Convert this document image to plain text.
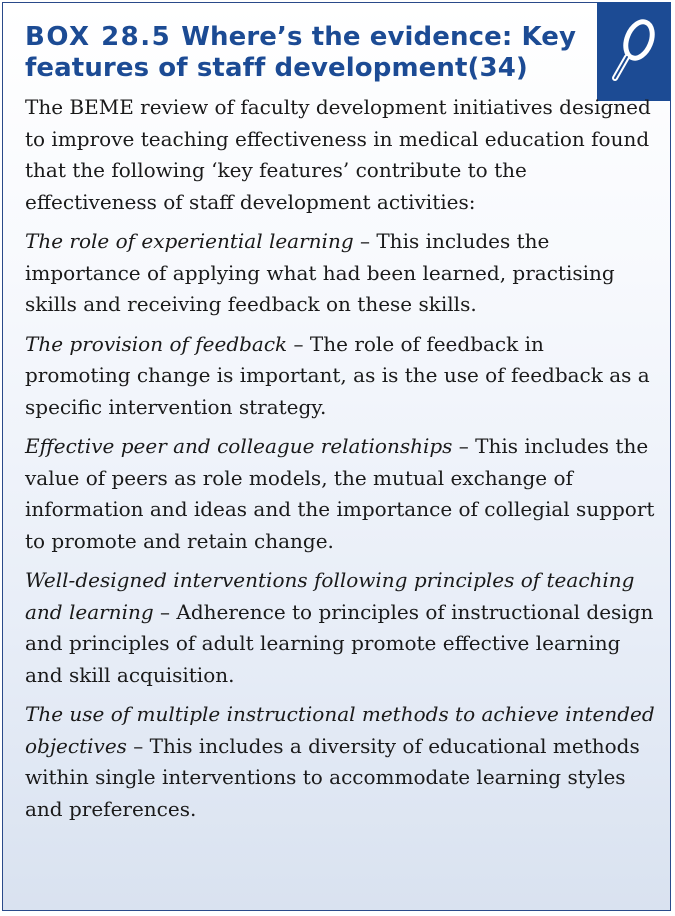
BOX 28.5 Where’s the evidence: Key features of staff development(34)

The BEME review of faculty development initiatives designed to improve teaching effectiveness in medical education found that the following ‘key features’ contribute to the effectiveness of staff development activities:

The role of experiential learning – This includes the importance of applying what had been learned, practising skills and receiving feedback on these skills.

The provision of feedback – The role of feedback in promoting change is important, as is the use of feedback as a specific intervention strategy.

Effective peer and colleague relationships – This includes the value of peers as role models, the mutual exchange of information and ideas and the importance of collegial support to promote and retain change.

Well-designed interventions following principles of teaching and learning – Adherence to principles of instructional design and principles of adult learning promote effective learning and skill acquisition.

The use of multiple instructional methods to achieve intended objectives – This includes a diversity of educational methods within single interventions to accommodate learning styles and preferences.
